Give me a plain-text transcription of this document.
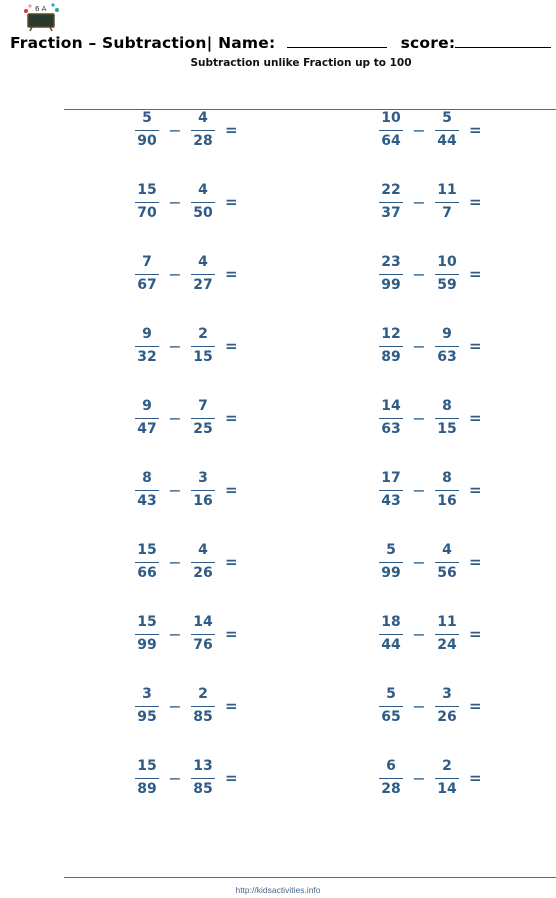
6 A
Fraction – Subtraction| Name:	score:
Subtraction unlike Fraction up to 100
$\frac{5}{90} - \frac{4}{28}$ =
$\frac{15}{70} - \frac{4}{50}$ =
$\frac{7}{67} - \frac{4}{27}$ =
$\frac{9}{32} - \frac{2}{15}$ =
$\frac{9}{47} - \frac{7}{25}$ =
$\frac{8}{43} - \frac{3}{16}$ =
$\frac{15}{66} - \frac{4}{26}$ =
$\frac{15}{99} - \frac{14}{76}$ =
$\frac{3}{95} - \frac{2}{85}$ =
$\frac{15}{89} - \frac{13}{85}$ =
$\frac{10}{64} - \frac{5}{44}$ =
$\frac{22}{37} - \frac{11}{7}$ =
$\frac{23}{99} - \frac{10}{59}$ =
$\frac{12}{89} - \frac{9}{63}$ =
$\frac{14}{63} - \frac{8}{15}$ =
$\frac{17}{43} - \frac{8}{16}$ =
$\frac{5}{99} - \frac{4}{56}$ =
$\frac{18}{44} - \frac{11}{24}$ =
$\frac{5}{65} - \frac{3}{26}$ =
$\frac{6}{28} - \frac{2}{14}$ =
http://kidsactivities.info
